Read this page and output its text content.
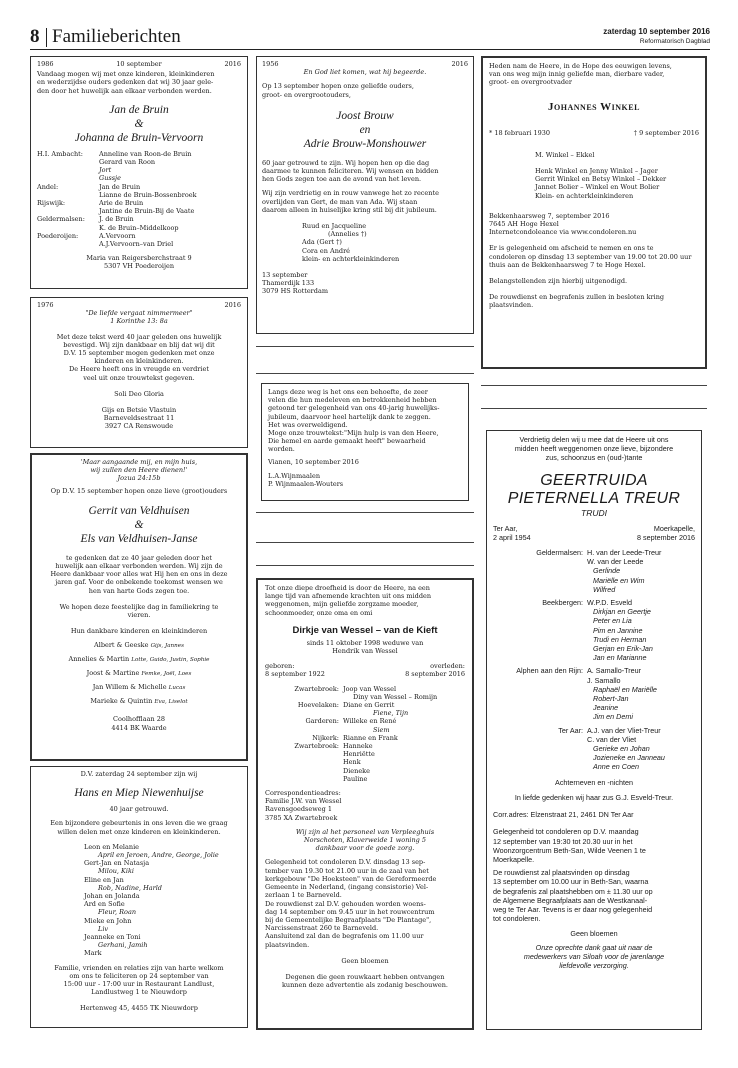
8 Familieberichten	zaterdag 10 september 2016
Reformatorisch Dagblad
1986	10 september	2016
Vandaag mogen wij met onze kinderen, kleinkinderen
en wederzijdse ouders gedenken dat wij 30 jaar gele-
den door het huwelijk aan elkaar verbonden werden.
Jan de Bruin
&
Johanna de Bruin-Vervoorn
H.I. Ambacht:	Anneline van Roon-de Bruin
Gerard van Roon
Jort
Gussje
Andel:	Jan de Bruin
Lianne de Bruin-Bossenbroek
Rijswijk:	Arie de Bruin
Jantine de Bruin-Bij de Vaate
Geldermalsen:	J. de Bruin
K. de Bruin–Middelkoop
Poederoijen:	A.Vervoorn
A.J.Vervoorn–van Driel
Maria van Reigersberchstraat 9
5307 VH Poederoijen
1976	2016
"De liefde vergaat nimmermeer"
1 Korinthe 13: 8a
Met deze tekst werd 40 jaar geleden ons huwelijk
bevestigd. Wij zijn dankbaar en blij dat wij dit
D.V. 15 september mogen gedenken met onze
kinderen en kleinkinderen.
De Heere heeft ons in vreugde en verdriet
veel uit onze trouwtekst gegeven.
Soli Deo Gloria
Gijs en Betsie Vlastuin
Barneveldsestraat 11
3927 CA Renswoude
'Maar aangaande mij, en mijn huis,
wij zullen den Heere dienen!'
Jozua 24:15b
Op D.V. 15 september hopen onze lieve (groot)ouders
Gerrit van Veldhuisen
&
Els van Veldhuisen-Janse
te gedenken dat ze 40 jaar geleden door het
huwelijk aan elkaar verbonden werden. Wij zijn de
Heere dankbaar voor alles wat Hij hen en ons in deze
jaren gaf. Voor de onbekende toekomst wensen we
hen van harte Gods zegen toe.
We hopen deze feestelijke dag in familiekring te
vieren.
Hun dankbare kinderen en kleinkinderen
Albert & Geeske Gijs, Jannes
Annelies & Martin Lotte, Guido, Justin, Sophie
Joost & Martine Femke, Joël, Loes
Jan Willem & Michelle Lucas
Marieke & Quintin Eva, Liselot
Coolhofflaan 28
4414 BK Waarde
D.V. zaterdag 24 september zijn wij
Hans en Miep Niewenhuijse
40 jaar getrouwd.
Een bijzondere gebeurtenis in ons leven die we graag
willen delen met onze kinderen en kleinkinderen.
Leon en Melanie
April en Jeroen, Andre, George, Jolie
Gert-Jan en Natasja
Milou, Kiki
Eline en Jan
Rob, Nadine, Harld
Johan en Jolanda
Ard en Sofie
Fleur, Roan
Mieke en John
Liv
Jeanneke en Toni
Gerhani, Jamih
Mark
Familie, vrienden en relaties zijn van harte welkom
om ons te feliciteren op 24 september van
15:00 uur - 17:00 uur in Restaurant Landlust,
Landlustweg 1 te Nieuwdorp
Hertenweg 45, 4455 TK Nieuwdorp
1956	2016
En God liet komen, wat hij begeerde.
Op 13 september hopen onze geliefde ouders,
groot- en overgrootouders,
Joost Brouw
en
Adrie Brouw-Monshouwer
60 jaar getrouwd te zijn. Wij hopen hen op die dag
daarmee te kunnen feliciteren. Wij wensen en bidden
hen Gods zegen toe aan de avond van het leven.
Wij zijn verdrietig en in rouw vanwege het zo recente
overlijden van Gert, de man van Ada. Wij staan
daarom alleen in huiselijke kring stil bij dit jubileum.
Ruud en Jacqueline
(Annelies †)
Ada (Gert †)
Cora en André
klein- en achterkleinkinderen
13 september
Thamerdijk 133
3079 HS Rotterdam
Langs deze weg is het ons een behoefte, de zeer
velen die hun medeleven en betrokkenheid hebben
getoond ter gelegenheid van ons 40-jarig huwelijks-
jubileum, daarvoor heel hartelijk dank te zeggen.
Het was overweldigend.
Moge onze trouwtekst:"Mijn hulp is van den Heere,
Die hemel en aarde gemaakt heeft" bewaarheid
worden.
Vianen, 10 september 2016
L.A.Wijnmaalen
P. Wijnmaalen-Wouters
Tot onze diepe droefheid is door de Heere, na een
lange tijd van afnemende krachten uit ons midden
weggenomen, mijn geliefde zorgzame moeder,
schoonmoeder, onze oma en omi
Dirkje van Wessel – van de Kieft
sinds 11 oktober 1998 weduwe van
Hendrik van Wessel
geboren:
8 september 1922
overleden:
8 september 2016
Zwartebroek: Joop van Wessel
Diny van Wessel – Romijn
Hoevelaken: Diane en Gerrit
Fiene, Tijn
Garderen: Willeke en René
Siem
Nijkerk: Rianne en Frank
Zwartebroek: Hanneke
Henriëtte
Henk
Dieneke
Pauline
Correspondentieadres:
Familie J.W. van Wessel
Ravensgoedseweg 1
3785 XA Zwartebroek
Wij zijn al het personeel van Verpleeghuis
Norschoten, Klaverweide 1 woning 5
dankbaar voor de goede zorg.
Gelegenheid tot condoleren D.V. dinsdag 13 sep-
tember van 19.30 tot 21.00 uur in de zaal van het
kerkgebouw "De Hoeksteen" van de Gereformeerde
Gemeente in Nederland, (ingang consistorie) Vel-
zerlaan 1 te Barneveld.
De rouwdienst zal D.V. gehouden worden woens-
dag 14 september om 9.45 uur in het rouwcentrum
bij de Gemeentelijke Begraafplaats "De Plantage",
Narcissenstraat 260 te Barneveld.
Aansluitend zal dan de begrafenis om 11.00 uur
plaatsvinden.
Geen bloemen
Degenen die geen rouwkaart hebben ontvangen
kunnen deze advertentie als zodanig beschouwen.
Heden nam de Heere, in de Hope des eeuwigen levens,
van ons weg mijn innig geliefde man, dierbare vader,
groot- en overgrootvader
Johannes Winkel
* 18 februari 1930	† 9 september 2016
M. Winkel – Ekkel
Henk Winkel en Jenny Winkel – Jager
Gerrit Winkel en Betsy Winkel – Dekker
Jannet Bolier – Winkel en Wout Bolier
Klein- en achterkleinkinderen
Bekkenhaarsweg 7, september 2016
7645 AH Hoge Hexel
Internetcondoleance via www.condoleren.nu
Er is gelegenheid om afscheid te nemen en ons te
condoleren op dinsdag 13 september van 19.00 tot 20.00 uur
thuis aan de Bekkenhaarsweg 7 te Hoge Hexel.
Belangstellenden zijn hierbij uitgenodigd.
De rouwdienst en begrafenis zullen in besloten kring
plaatsvinden.
Verdrietig delen wij u mee dat de Heere uit ons
midden heeft weggenomen onze lieve, bijzondere
zus, schoonzus en (oud-)tante
GEERTRUIDA
PIETERNELLA TREUR
TRUDI
Ter Aar,
2 april 1954
Moerkapelle,
8 september 2016
Geldermalsen: H. van der Leede-Treur
W. van der Leede
Gerlinde
Mariëlle en Wim
Wilfred
Beekbergen: W.P.D. Esveld
Dirkjan en Geertje
Peter en Lia
Pim en Jannine
Trudi en Herman
Gerjan en Erik-Jan
Jan en Marianne
Alphen aan den Rijn: A. Samallo-Treur
J. Samallo
Raphaël en Mariëlle
Robert-Jan
Jeanine
Jim en Demi
Ter Aar: A.J. van der Vliet-Treur
C. van der Vliet
Gerieke en Johan
Jozieneke en Janneau
Anne en Coen
Achterneven en -nichten
In liefde gedenken wij haar zus G.J. Esveld-Treur.
Corr.adres: Elzenstraat 21, 2461 DN Ter Aar
Gelegenheid tot condoleren op D.V. maandag
12 september van 19:30 tot 20.30 uur in het
Woonzorgcentrum Beth-San, Wilde Veenen 1 te
Moerkapelle.
De rouwdienst zal plaatsvinden op dinsdag
13 september om 10.00 uur in Beth-San, waarna
de begrafenis zal plaatshebben om ± 11.30 uur op
de Algemene Begraafplaats aan de Westkanaal-
weg te Ter Aar. Tevens is er daar nog gelegenheid
tot condoleren.
Geen bloemen
Onze oprechte dank gaat uit naar de
medewerkers van Siloah voor de jarenlange
liefdevolle verzorging.
